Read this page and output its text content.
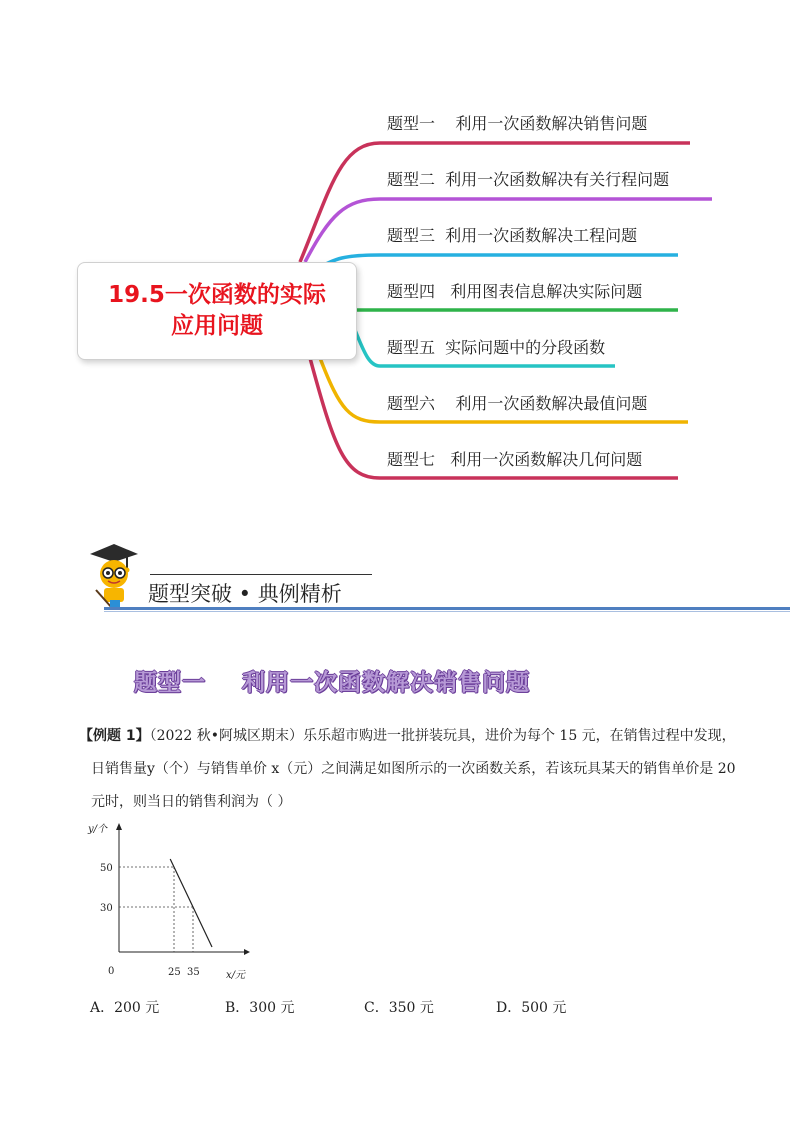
19.5一次函数的实际
应用问题
题型一    利用一次函数解决销售问题
题型二  利用一次函数解决有关行程问题
题型三  利用一次函数解决工程问题
题型四   利用图表信息解决实际问题
题型五  实际问题中的分段函数
题型六    利用一次函数解决最值问题
题型七   利用一次函数解决几何问题
题型突破 • 典例精析
题型一    利用一次函数解决销售问题
【例题 1】（2022 秋•阿城区期末）乐乐超市购进一批拼装玩具，进价为每个 15 元，在销售过程中发现，
日销售量y（个）与销售单价 x（元）之间满足如图所示的一次函数关系，若该玩具某天的销售单价是 20
元时，则当日的销售利润为（ ）
y/个
x/元
0
50
30
25 35
A．200 元	B．300 元	C．350 元	D．500 元
